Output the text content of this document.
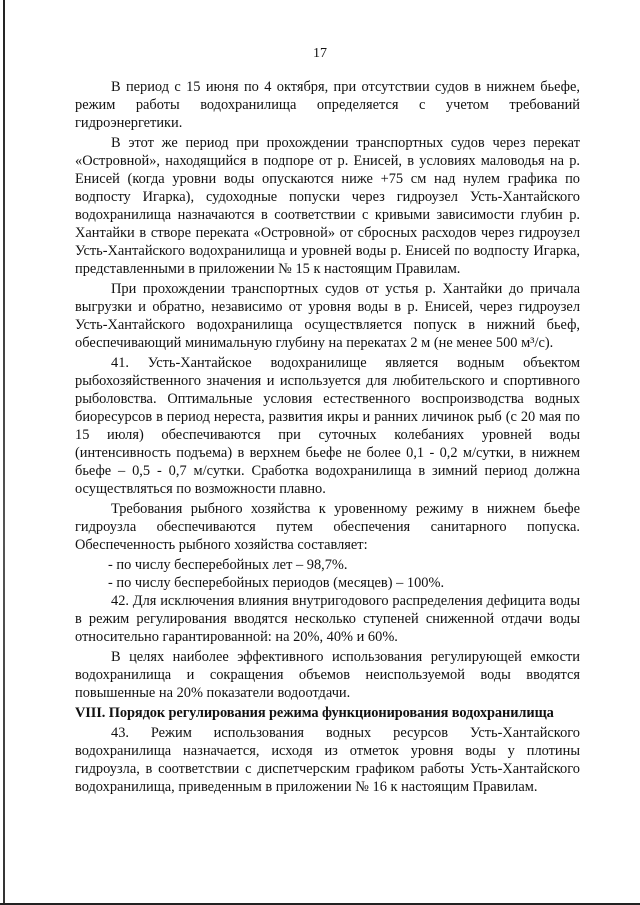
17

В период с 15 июня по 4 октября, при отсутствии судов в нижнем бьефе, режим работы водохранилища определяется с учетом требований гидроэнергетики.

В этот же период при прохождении транспортных судов через перекат «Островной», находящийся в подпоре от р. Енисей, в условиях маловодья на р. Енисей (когда уровни воды опускаются ниже +75 см над нулем графика по водпосту Игарка), судоходные попуски через гидроузел Усть-Хантайского водохранилища назначаются в соответствии с кривыми зависимости глубин р. Хантайки в створе переката «Островной» от сбросных расходов через гидроузел Усть-Хантайского водохранилища и уровней воды р. Енисей по водпосту Игарка, представленными в приложении № 15 к настоящим Правилам.

При прохождении транспортных судов от устья р. Хантайки до причала выгрузки и обратно, независимо от уровня воды в р. Енисей, через гидроузел Усть-Хантайского водохранилища осуществляется попуск в нижний бьеф, обеспечивающий минимальную глубину на перекатах 2 м (не менее 500 м³/с).

41. Усть-Хантайское водохранилище является водным объектом рыбохозяйственного значения и используется для любительского и спортивного рыболовства. Оптимальные условия естественного воспроизводства водных биоресурсов в период нереста, развития икры и ранних личинок рыб (с 20 мая по 15 июля) обеспечиваются при суточных колебаниях уровней воды (интенсивность подъема) в верхнем бьефе не более 0,1 - 0,2 м/сутки, в нижнем бьефе – 0,5 - 0,7 м/сутки. Сработка водохранилища в зимний период должна осуществляться по возможности плавно.

Требования рыбного хозяйства к уровенному режиму в нижнем бьефе гидроузла обеспечиваются путем обеспечения санитарного попуска. Обеспеченность рыбного хозяйства составляет:

- по числу бесперебойных лет – 98,7%.

- по числу бесперебойных периодов (месяцев) – 100%.

42. Для исключения влияния внутригодового распределения дефицита воды в режим регулирования вводятся несколько ступеней сниженной отдачи воды относительно гарантированной: на 20%, 40% и 60%.

В целях наиболее эффективного использования регулирующей емкости водохранилища и сокращения объемов неиспользуемой воды вводятся повышенные на 20% показатели водоотдачи.

VIII. Порядок регулирования режима функционирования водохранилища

43. Режим использования водных ресурсов Усть-Хантайского водохранилища назначается, исходя из отметок уровня воды у плотины гидроузла, в соответствии с диспетчерским графиком работы Усть-Хантайского водохранилища, приведенным в приложении № 16 к настоящим Правилам.
